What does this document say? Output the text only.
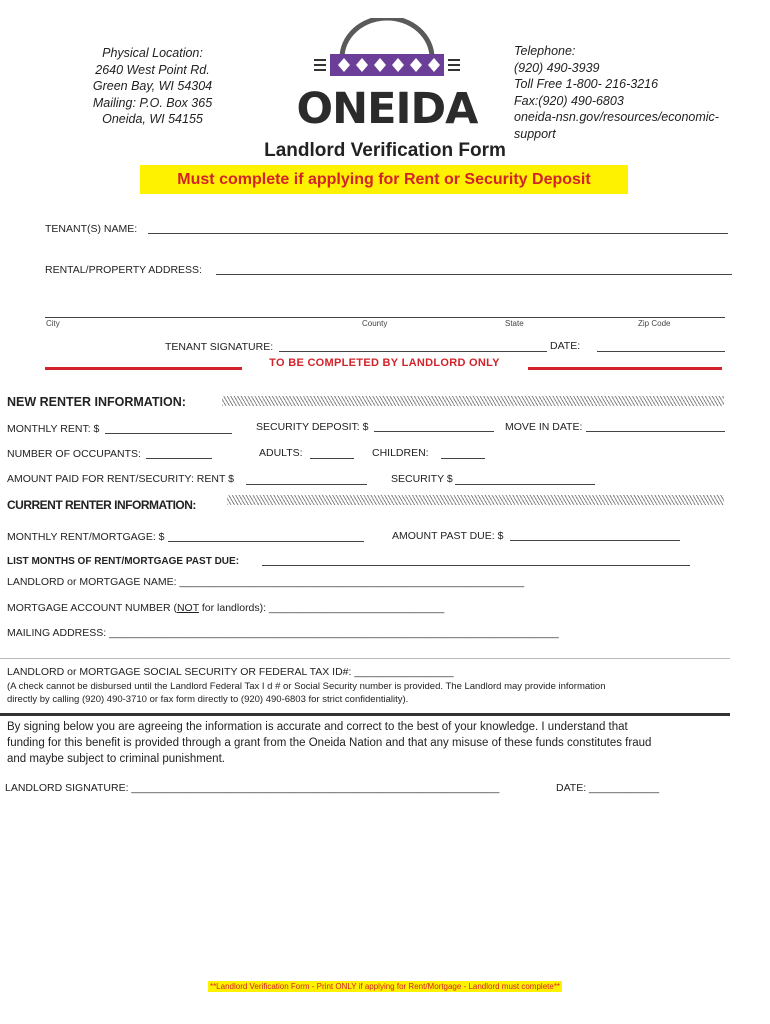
Physical Location:
2640 West Point Rd.
Green Bay, WI 54304
Mailing: P.O. Box 365
Oneida, WI 54155	ONEIDA
Telephone:
(920) 490-3939
Toll Free 1-800- 216-3216
Fax:(920) 490-6803
oneida-nsn.gov/resources/economic-
support
Landlord Verification Form
Must complete if applying for Rent or Security Deposit
TENANT(S) NAME:
RENTAL/PROPERTY ADDRESS:
City	County	State	Zip Code
TENANT SIGNATURE:	DATE:
TO BE COMPLETED BY LANDLORD ONLY
NEW RENTER INFORMATION:
MONTHLY RENT: $	SECURITY DEPOSIT: $	MOVE IN DATE:
NUMBER OF OCCUPANTS:	ADULTS:	CHILDREN:
AMOUNT PAID FOR RENT/SECURITY: RENT $	SECURITY $
CURRENT RENTER INFORMATION:
MONTHLY RENT/MORTGAGE: $	AMOUNT PAST DUE: $
LIST MONTHS OF RENT/MORTGAGE PAST DUE:
LANDLORD or MORTGAGE NAME: ___________________________________________________________
MORTGAGE ACCOUNT NUMBER (NOT for landlords): ______________________________
MAILING ADDRESS: _____________________________________________________________________________
LANDLORD or MORTGAGE SOCIAL SECURITY OR FEDERAL TAX ID#: _________________
(A check cannot be disbursed until the Landlord Federal Tax I d # or Social Security number is provided. The Landlord may provide information
directly by calling (920) 490-3710 or fax form directly to (920) 490-6803 for strict confidentiality).
By signing below you are agreeing the information is accurate and correct to the best of your knowledge. I understand that
funding for this benefit is provided through a grant from the Oneida Nation and that any misuse of these funds constitutes fraud
and maybe subject to criminal punishment.
LANDLORD SIGNATURE: _______________________________________________________________	DATE: ____________
**Landlord Verification Form - Print ONLY if applying for Rent/Mortgage - Landlord must complete**
